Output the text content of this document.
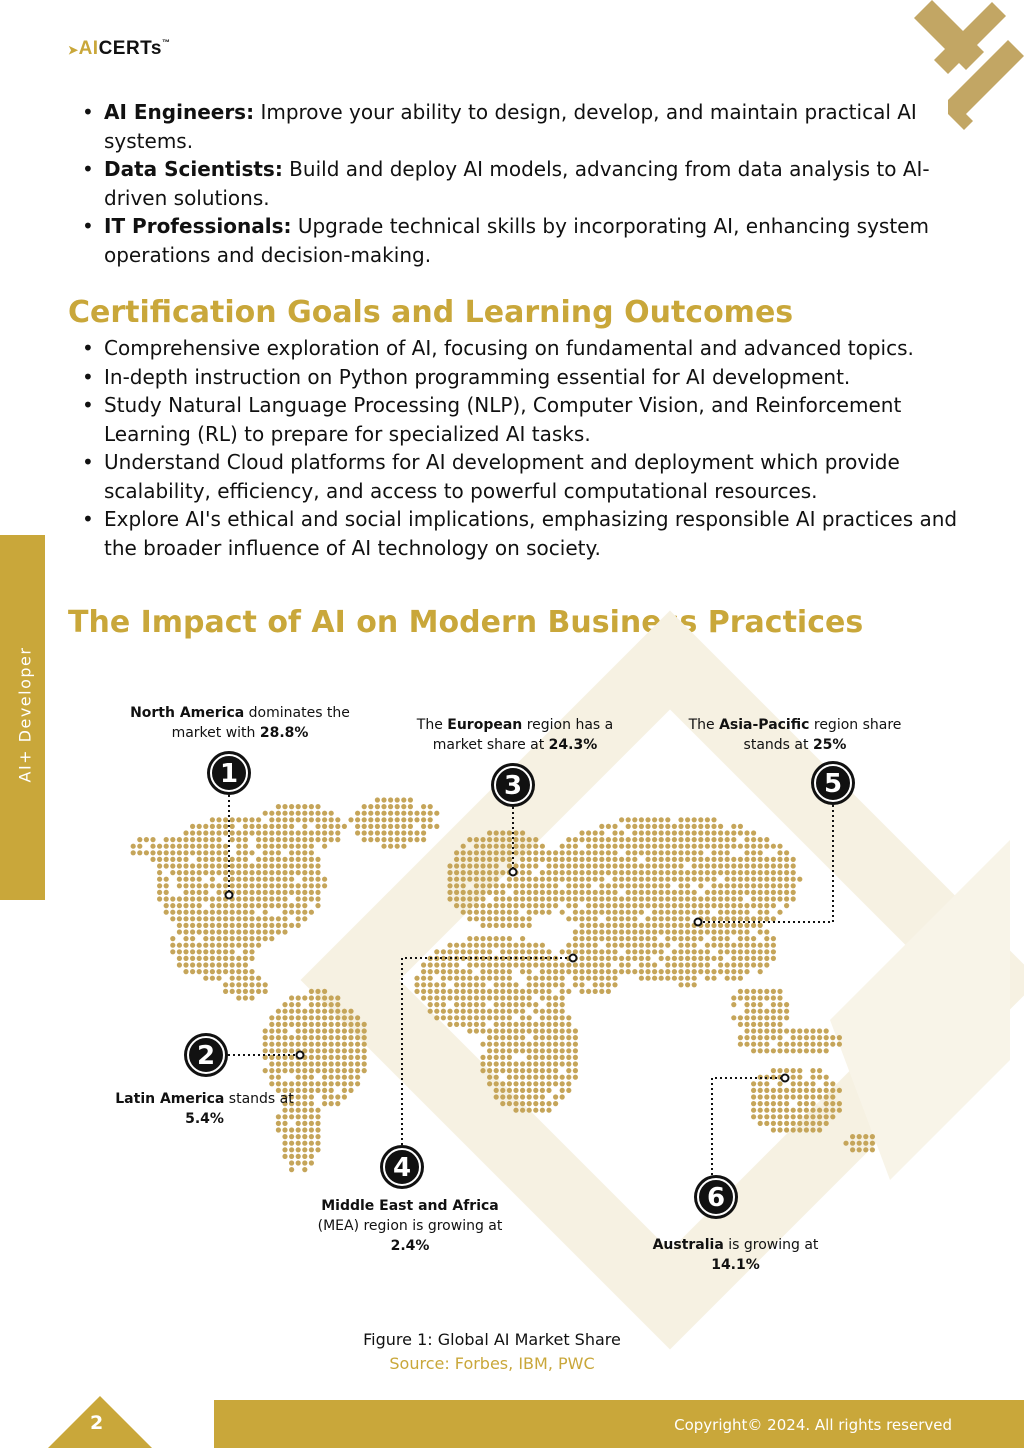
➤AICERTs™
AI+ Developer
• AI Engineers: Improve your ability to design, develop, and maintain practical AI systems.
• Data Scientists: Build and deploy AI models, advancing from data analysis to AI-driven solutions.
• IT Professionals: Upgrade technical skills by incorporating AI, enhancing system operations and decision-making.
Certification Goals and Learning Outcomes
• Comprehensive exploration of AI, focusing on fundamental and advanced topics.
• In-depth instruction on Python programming essential for AI development.
• Study Natural Language Processing (NLP), Computer Vision, and Reinforcement Learning (RL) to prepare for specialized AI tasks.
• Understand Cloud platforms for AI development and deployment which provide scalability, efficiency, and access to powerful computational resources.
• Explore AI's ethical and social implications, emphasizing responsible AI practices and the broader influence of AI technology on society.
The Impact of AI on Modern Business Practices
1
2
3
4
5
6
North America dominates the market with 28.8%	The European region has a market share at 24.3%
The Asia-Pacific region share stands at 25%
Latin America stands at 5.4%
Middle East and Africa (MEA) region is growing at 2.4%	Australia is growing at 14.1%
Figure 1: Global AI Market Share
Source: Forbes, IBM, PWC
Copyright© 2024. All rights reserved
2
